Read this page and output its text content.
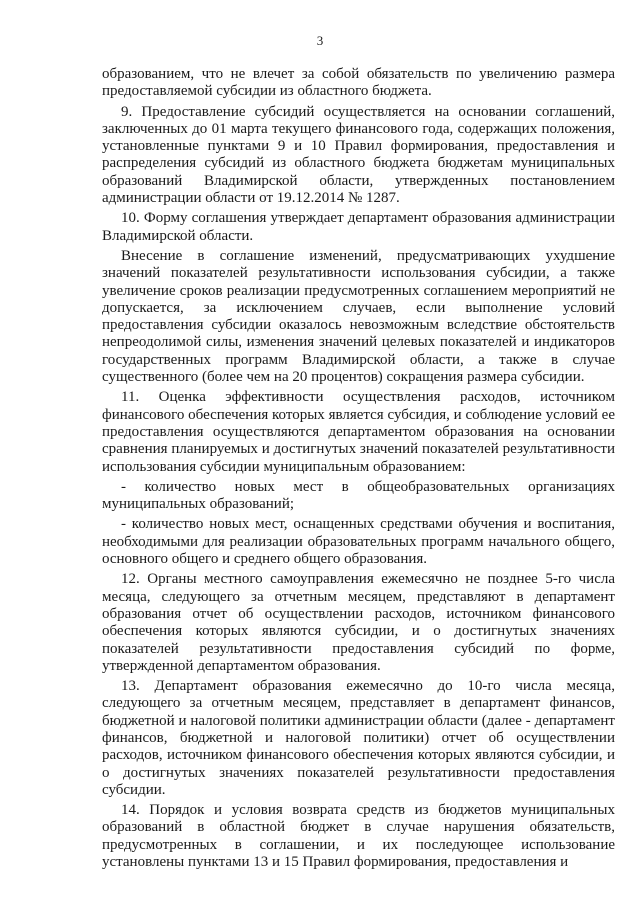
3

образованием, что не влечет за собой обязательств по увеличению размера предоставляемой субсидии из областного бюджета.

9. Предоставление субсидий осуществляется на основании соглашений, заключенных до 01 марта текущего финансового года, содержащих положения, установленные пунктами 9 и 10 Правил формирования, предоставления и распределения субсидий из областного бюджета бюджетам муниципальных образований Владимирской области, утвержденных постановлением администрации области от 19.12.2014 № 1287.

10. Форму соглашения утверждает департамент образования администрации Владимирской области.

Внесение в соглашение изменений, предусматривающих ухудшение значений показателей результативности использования субсидии, а также увеличение сроков реализации предусмотренных соглашением мероприятий не допускается, за исключением случаев, если выполнение условий предоставления субсидии оказалось невозможным вследствие обстоятельств непреодолимой силы, изменения значений целевых показателей и индикаторов государственных программ Владимирской области, а также в случае существенного (более чем на 20 процентов) сокращения размера субсидии.

11. Оценка эффективности осуществления расходов, источником финансового обеспечения которых является субсидия, и соблюдение условий ее предоставления осуществляются департаментом образования на основании сравнения планируемых и достигнутых значений показателей результативности использования субсидии муниципальным образованием:

- количество новых мест в общеобразовательных организациях муниципальных образований;

- количество новых мест, оснащенных средствами обучения и воспитания, необходимыми для реализации образовательных программ начального общего, основного общего и среднего общего образования.

12. Органы местного самоуправления ежемесячно не позднее 5-го числа месяца, следующего за отчетным месяцем, представляют в департамент образования отчет об осуществлении расходов, источником финансового обеспечения которых являются субсидии, и о достигнутых значениях показателей результативности предоставления субсидий по форме, утвержденной департаментом образования.

13. Департамент образования ежемесячно до 10-го числа месяца, следующего за отчетным месяцем, представляет в департамент финансов, бюджетной и налоговой политики администрации области (далее - департамент финансов, бюджетной и налоговой политики) отчет об осуществлении расходов, источником финансового обеспечения которых являются субсидии, и о достигнутых значениях показателей результативности предоставления субсидии.

14. Порядок и условия возврата средств из бюджетов муниципальных образований в областной бюджет в случае нарушения обязательств, предусмотренных в соглашении, и их последующее использование установлены пунктами 13 и 15 Правил формирования, предоставления и
